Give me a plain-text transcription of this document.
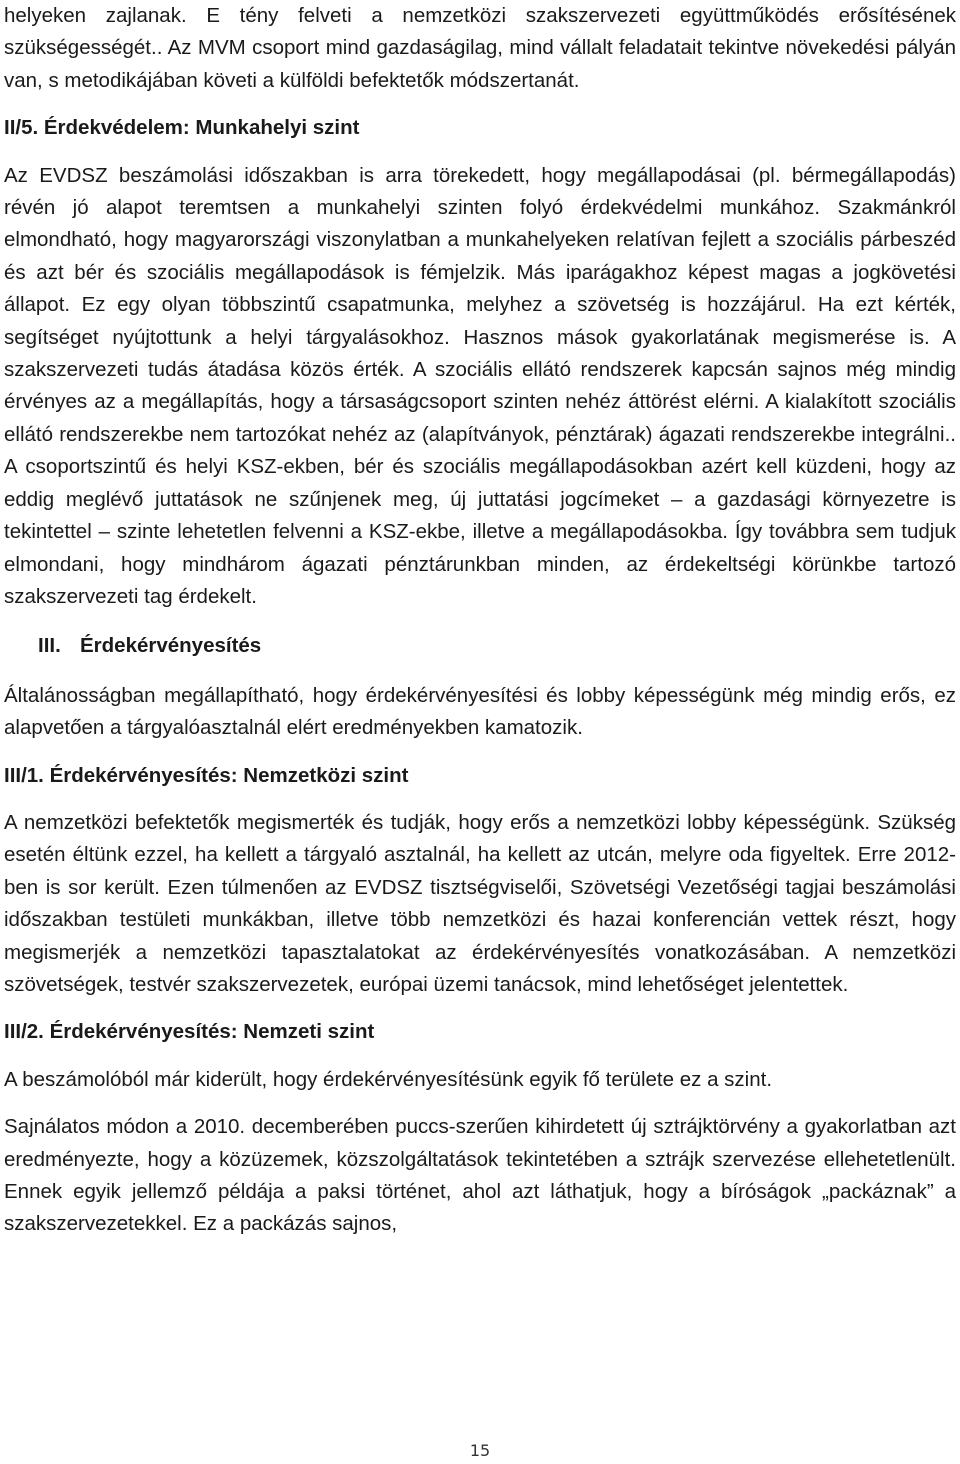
helyeken zajlanak. E tény felveti a nemzetközi szakszervezeti együttműködés erősítésének szükségességét.. Az MVM csoport mind gazdaságilag, mind vállalt feladatait tekintve növekedési pályán van, s metodikájában követi a külföldi befektetők módszertanát.

II/5. Érdekvédelem: Munkahelyi szint

Az EVDSZ beszámolási időszakban is arra törekedett, hogy megállapodásai (pl. bérmegállapodás) révén jó alapot teremtsen a munkahelyi szinten folyó érdekvédelmi munkához. Szakmánkról elmondható, hogy magyarországi viszonylatban a munkahelyeken relatívan fejlett a szociális párbeszéd és azt bér és szociális megállapodások is fémjelzik. Más iparágakhoz képest magas a jogkövetési állapot. Ez egy olyan többszintű csapatmunka, melyhez a szövetség is hozzájárul. Ha ezt kérték, segítséget nyújtottunk a helyi tárgyalásokhoz. Hasznos mások gyakorlatának megismerése is. A szakszervezeti tudás átadása közös érték. A szociális ellátó rendszerek kapcsán sajnos még mindig érvényes az a megállapítás, hogy a társaságcsoport szinten nehéz áttörést elérni. A kialakított szociális ellátó rendszerekbe nem tartozókat nehéz az (alapítványok, pénztárak) ágazati rendszerekbe integrálni.. A csoportszintű és helyi KSZ-ekben, bér és szociális megállapodásokban azért kell küzdeni, hogy az eddig meglévő juttatások ne szűnjenek meg, új juttatási jogcímeket – a gazdasági környezetre is tekintettel – szinte lehetetlen felvenni a KSZ-ekbe, illetve a megállapodásokba. Így továbbra sem tudjuk elmondani, hogy mindhárom ágazati pénztárunkban minden, az érdekeltségi körünkbe tartozó szakszervezeti tag érdekelt.

III. Érdekérvényesítés

Általánosságban megállapítható, hogy érdekérvényesítési és lobby képességünk még mindig erős, ez alapvetően a tárgyalóasztalnál elért eredményekben kamatozik.

III/1. Érdekérvényesítés: Nemzetközi szint

A nemzetközi befektetők megismerték és tudják, hogy erős a nemzetközi lobby képességünk. Szükség esetén éltünk ezzel, ha kellett a tárgyaló asztalnál, ha kellett az utcán, melyre oda figyeltek. Erre 2012-ben is sor került. Ezen túlmenően az EVDSZ tisztségviselői, Szövetségi Vezetőségi tagjai beszámolási időszakban testületi munkákban, illetve több nemzetközi és hazai konferencián vettek részt, hogy megismerjék a nemzetközi tapasztalatokat az érdekérvényesítés vonatkozásában. A nemzetközi szövetségek, testvér szakszervezetek, európai üzemi tanácsok, mind lehetőséget jelentettek.

III/2. Érdekérvényesítés: Nemzeti szint

A beszámolóból már kiderült, hogy érdekérvényesítésünk egyik fő területe ez a szint.

Sajnálatos módon a 2010. decemberében puccs-szerűen kihirdetett új sztrájktörvény a gyakorlatban azt eredményezte, hogy a közüzemek, közszolgáltatások tekintetében a sztrájk szervezése ellehetetlenült. Ennek egyik jellemző példája a paksi történet, ahol azt láthatjuk, hogy a bíróságok „packáznak” a szakszervezetekkel. Ez a packázás sajnos,

15
